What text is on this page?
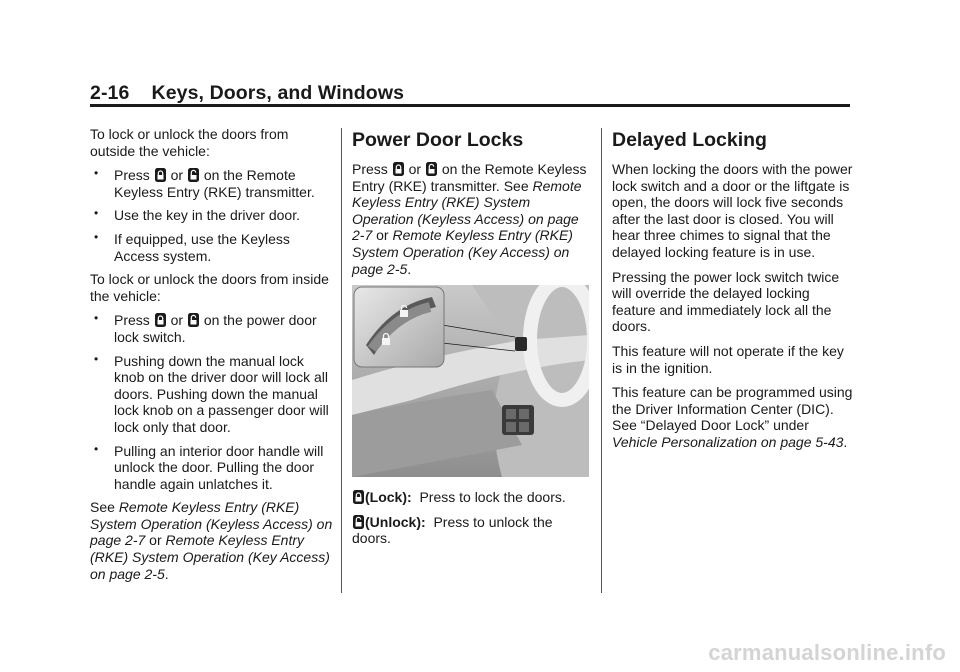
2-16 Keys, Doors, and Windows

To lock or unlock the doors from outside the vehicle:

• Press or on the Remote Keyless Entry (RKE) transmitter.
• Use the key in the driver door.
• If equipped, use the Keyless Access system.

To lock or unlock the doors from inside the vehicle:

• Press or on the power door lock switch.
• Pushing down the manual lock knob on the driver door will lock all doors. Pushing down the manual lock knob on a passenger door will lock only that door.
• Pulling an interior door handle will unlock the door. Pulling the door handle again unlatches it.

See Remote Keyless Entry (RKE) System Operation (Keyless Access) on page 2-7 or Remote Keyless Entry (RKE) System Operation (Key Access) on page 2-5.

Power Door Locks

Press or on the Remote Keyless Entry (RKE) transmitter. See Remote Keyless Entry (RKE) System Operation (Keyless Access) on page 2-7 or Remote Keyless Entry (RKE) System Operation (Key Access) on page 2-5.

(Lock): Press to lock the doors.

(Unlock): Press to unlock the doors.

Delayed Locking

When locking the doors with the power lock switch and a door or the liftgate is open, the doors will lock five seconds after the last door is closed. You will hear three chimes to signal that the delayed locking feature is in use.

Pressing the power lock switch twice will override the delayed locking feature and immediately lock all the doors.

This feature will not operate if the key is in the ignition.

This feature can be programmed using the Driver Information Center (DIC). See “Delayed Door Lock” under Vehicle Personalization on page 5-43.

carmanualsonline.info
